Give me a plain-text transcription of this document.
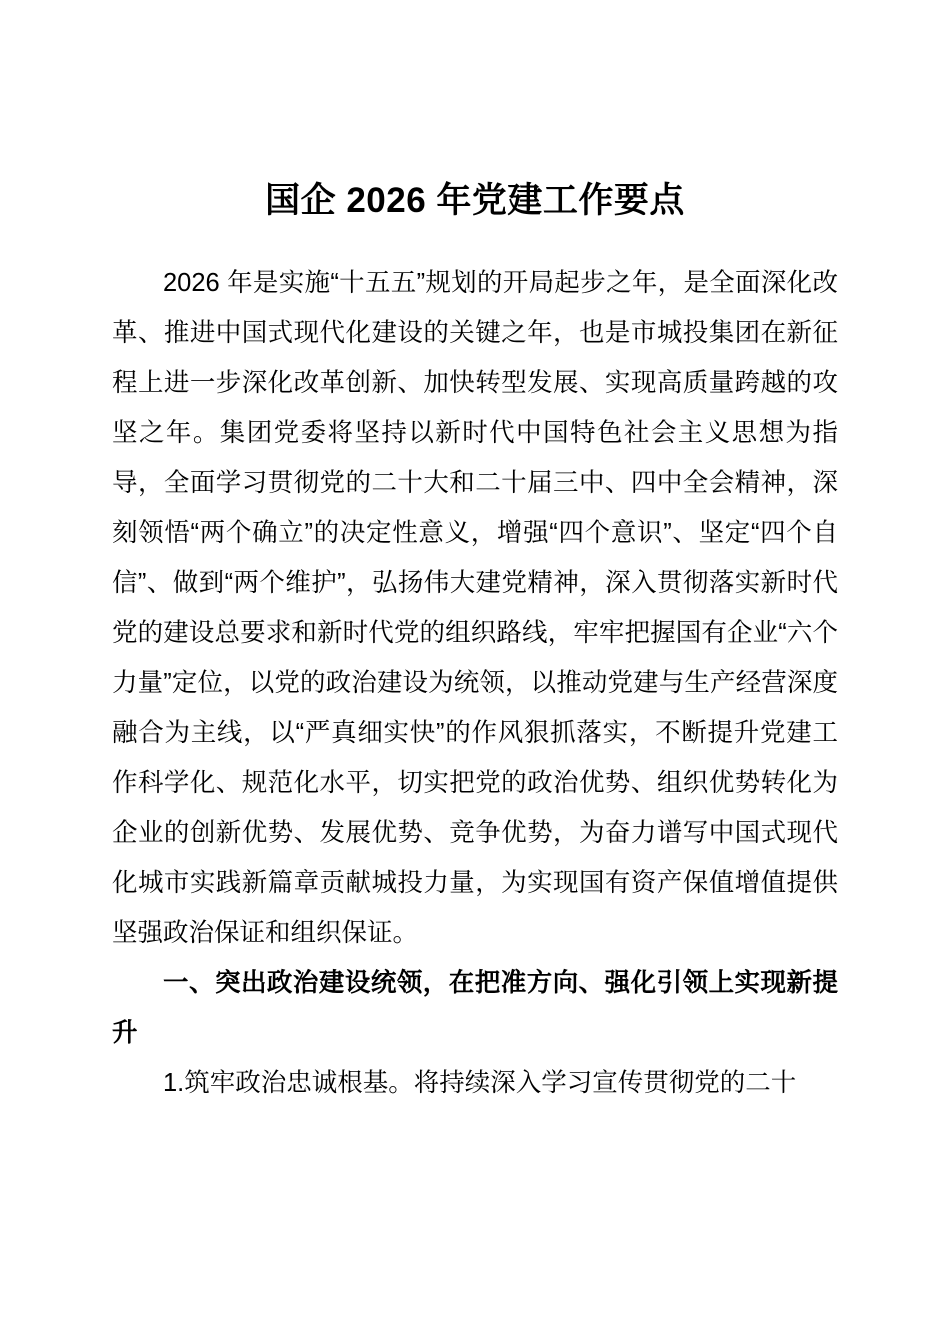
国企 2026 年党建工作要点

2026 年是实施“十五五”规划的开局起步之年，是全面深化改革、推进中国式现代化建设的关键之年，也是市城投集团在新征程上进一步深化改革创新、加快转型发展、实现高质量跨越的攻坚之年。集团党委将坚持以新时代中国特色社会主义思想为指导，全面学习贯彻党的二十大和二十届三中、四中全会精神，深刻领悟“两个确立”的决定性意义，增强“四个意识”、坚定“四个自信”、做到“两个维护”，弘扬伟大建党精神，深入贯彻落实新时代党的建设总要求和新时代党的组织路线，牢牢把握国有企业“六个力量”定位，以党的政治建设为统领，以推动党建与生产经营深度融合为主线，以“严真细实快”的作风狠抓落实，不断提升党建工作科学化、规范化水平，切实把党的政治优势、组织优势转化为企业的创新优势、发展优势、竞争优势，为奋力谱写中国式现代化城市实践新篇章贡献城投力量，为实现国有资产保值增值提供坚强政治保证和组织保证。

一、突出政治建设统领，在把准方向、强化引领上实现新提升

1.筑牢政治忠诚根基。将持续深入学习宣传贯彻党的二十
